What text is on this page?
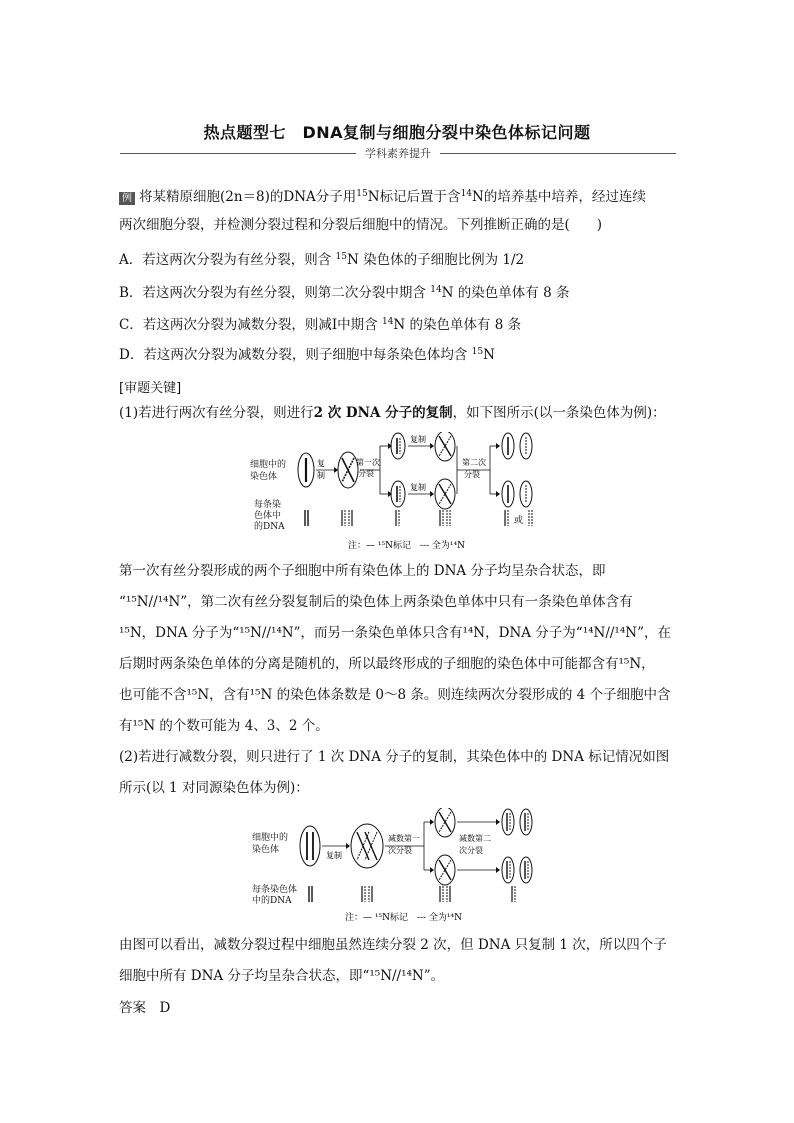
热点题型七　DNA复制与细胞分裂中染色体标记问题
学科素养提升
例 将某精原细胞(2n＝8)的DNA分子用$^{15}$N标记后置于含$^{14}$N的培养基中培养，经过连续
两次细胞分裂，并检测分裂过程和分裂后细胞中的情况。下列推断正确的是(　　)
A．若这两次分裂为有丝分裂，则含 $^{15}$N 染色体的子细胞比例为 1/2
B．若这两次分裂为有丝分裂，则第二次分裂中期含 $^{14}$N 的染色单体有 8 条
C．若这两次分裂为减数分裂，则减Ⅰ中期含 $^{14}$N 的染色单体有 8 条
D．若这两次分裂为减数分裂，则子细胞中每条染色体均含 $^{15}$N
[审题关键]
(1)若进行两次有丝分裂，则进行2 次 DNA 分子的复制，如下图所示(以一条染色体为例)：
细胞中的
染色体
每条染
色体中
的DNA
复
制
第一次
分裂
复制
复制
第二次
分裂
或
注：— ¹⁵N标记　--- 全为¹⁴N
第一次有丝分裂形成的两个子细胞中所有染色体上的 DNA 分子均呈杂合状态，即
“¹⁵N//¹⁴N”，第二次有丝分裂复制后的染色体上两条染色单体中只有一条染色单体含有
¹⁵N，DNA 分子为“¹⁵N//¹⁴N”，而另一条染色单体只含有¹⁴N，DNA 分子为“¹⁴N//¹⁴N”，在
后期时两条染色单体的分离是随机的，所以最终形成的子细胞的染色体中可能都含有¹⁵N，
也可能不含¹⁵N，含有¹⁵N 的染色体条数是 0～8 条。则连续两次分裂形成的 4 个子细胞中含
有¹⁵N 的个数可能为 4、3、2 个。
(2)若进行减数分裂，则只进行了 1 次 DNA 分子的复制，其染色体中的 DNA 标记情况如图
所示(以 1 对同源染色体为例)：
细胞中的
染色体
每条染色体
中的DNA
复制
减数第一
次分裂
减数第二
次分裂
注：— ¹⁵N标记　--- 全为¹⁴N
由图可以看出，减数分裂过程中细胞虽然连续分裂 2 次，但 DNA 只复制 1 次，所以四个子
细胞中所有 DNA 分子均呈杂合状态，即“¹⁵N//¹⁴N”。
答案　 D
